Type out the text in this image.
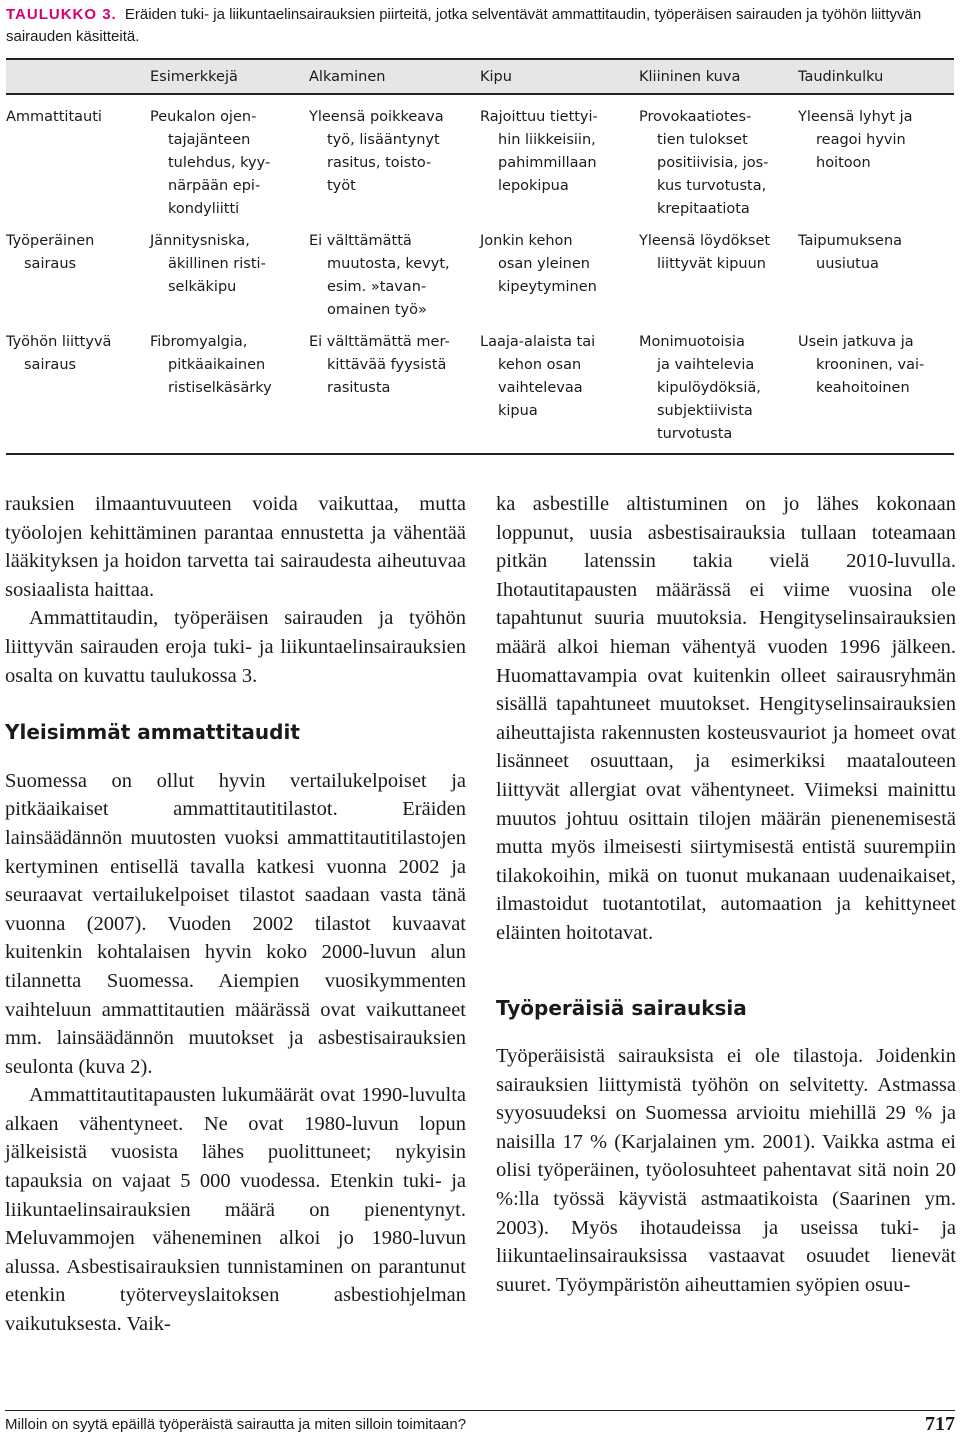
TAULUKKO 3. Eräiden tuki- ja liikuntaelinsairauksien piirteitä, jotka selventävät ammattitaudin, työperäisen sairauden ja työhön liittyvän sairauden käsitteitä.
	Esimerkkejä	Alkaminen	Kipu	Kliininen kuva	Taudinkulku

Ammattitauti	Peukalon ojen-
tajajänteen
tulehdus, kyy-
närpään epi-
kondyliitti	Yleensä poikkeava
työ, lisääntynyt
rasitus, toisto-
työt	Rajoittuu tiettyi-
hin liikkeisiin,
pahimmillaan
lepokipua	Provokaatiotes-
tien tulokset
positiivisia, jos-
kus turvotusta,
krepitaatiota	Yleensä lyhyt ja
reagoi hyvin
hoitoon

Työperäinen
sairaus	Jännitysniska,
äkillinen risti-
selkäkipu	Ei välttämättä
muutosta, kevyt,
esim. »tavan-
omainen työ»	Jonkin kehon
osan yleinen
kipeytyminen	Yleensä löydökset
liittyvät kipuun	Taipumuksena
uusiutua

Työhön liittyvä
sairaus	Fibromyalgia,
pitkäaikainen
ristiselkäsärky	Ei välttämättä mer-
kittävää fyysistä
rasitusta	Laaja-alaista tai
kehon osan
vaihtelevaa
kipua	Monimuotoisia
ja vaihtelevia
kipulöydöksiä,
subjektiivista
turvotusta	Usein jatkuva ja
krooninen, vai-
keahoitoinen

rauksien ilmaantuvuuteen voida vaikuttaa, mutta työolojen kehittäminen parantaa ennustetta ja vähentää lääkityksen ja hoidon tarvetta tai sairaudesta aiheutuvaa sosiaalista haittaa.

Ammattitaudin, työperäisen sairauden ja työhön liittyvän sairauden eroja tuki- ja liikuntaelinsairauksien osalta on kuvattu taulukossa 3.

Yleisimmät ammattitaudit

Suomessa on ollut hyvin vertailukelpoiset ja pitkäaikaiset ammattitautitilastot. Eräiden lainsäädännön muutosten vuoksi ammattitautitilastojen kertyminen entisellä tavalla katkesi vuonna 2002 ja seuraavat vertailukelpoiset tilastot saadaan vasta tänä vuonna (2007). Vuoden 2002 tilastot kuvaavat kuitenkin kohtalaisen hyvin koko 2000-luvun alun tilannetta Suomessa. Aiempien vuosikymmenten vaihteluun ammattitautien määrässä ovat vaikuttaneet mm. lainsäädännön muutokset ja asbestisairauksien seulonta (kuva 2).

Ammattitautitapausten lukumäärät ovat 1990-luvulta alkaen vähentyneet. Ne ovat 1980-luvun lopun jälkeisistä vuosista lähes puolittuneet; nykyisin tapauksia on vajaat 5 000 vuodessa. Etenkin tuki- ja liikuntaelinsairauksien määrä on pienentynyt. Meluvammojen väheneminen alkoi jo 1980-luvun alussa. Asbestisairauksien tunnistaminen on parantunut etenkin työterveyslaitoksen asbestiohjelman vaikutuksesta. Vaik-

ka asbestille altistuminen on jo lähes kokonaan loppunut, uusia asbestisairauksia tullaan toteamaan pitkän latenssin takia vielä 2010-luvulla. Ihotautitapausten määrässä ei viime vuosina ole tapahtunut suuria muutoksia. Hengityselinsairauksien määrä alkoi hieman vähentyä vuoden 1996 jälkeen. Huomattavampia ovat kuitenkin olleet sairausryhmän sisällä tapahtuneet muutokset. Hengityselinsairauksien aiheuttajista rakennusten kosteusvauriot ja homeet ovat lisänneet osuuttaan, ja esimerkiksi maatalouteen liittyvät allergiat ovat vähentyneet. Viimeksi mainittu muutos johtuu osittain tilojen määrän pienenemisestä mutta myös ilmeisesti siirtymisestä entistä suurempiin tilakokoihin, mikä on tuonut mukanaan uudenaikaiset, ilmastoidut tuotantotilat, automaation ja kehittyneet eläinten hoitotavat.

Työperäisiä sairauksia

Työperäisistä sairauksista ei ole tilastoja. Joidenkin sairauksien liittymistä työhön on selvitetty. Astmassa syyosuudeksi on Suomessa arvioitu miehillä 29 % ja naisilla 17 % (Karjalainen ym. 2001). Vaikka astma ei olisi työperäinen, työolosuhteet pahentavat sitä noin 20 %:lla työssä käyvistä astmaatikoista (Saarinen ym. 2003). Myös ihotaudeissa ja useissa tuki- ja liikuntaelinsairauksissa vastaavat osuudet lienevät suuret. Työympäristön aiheuttamien syöpien osuu-

Milloin on syytä epäillä työperäistä sairautta ja miten silloin toimitaan?	717
